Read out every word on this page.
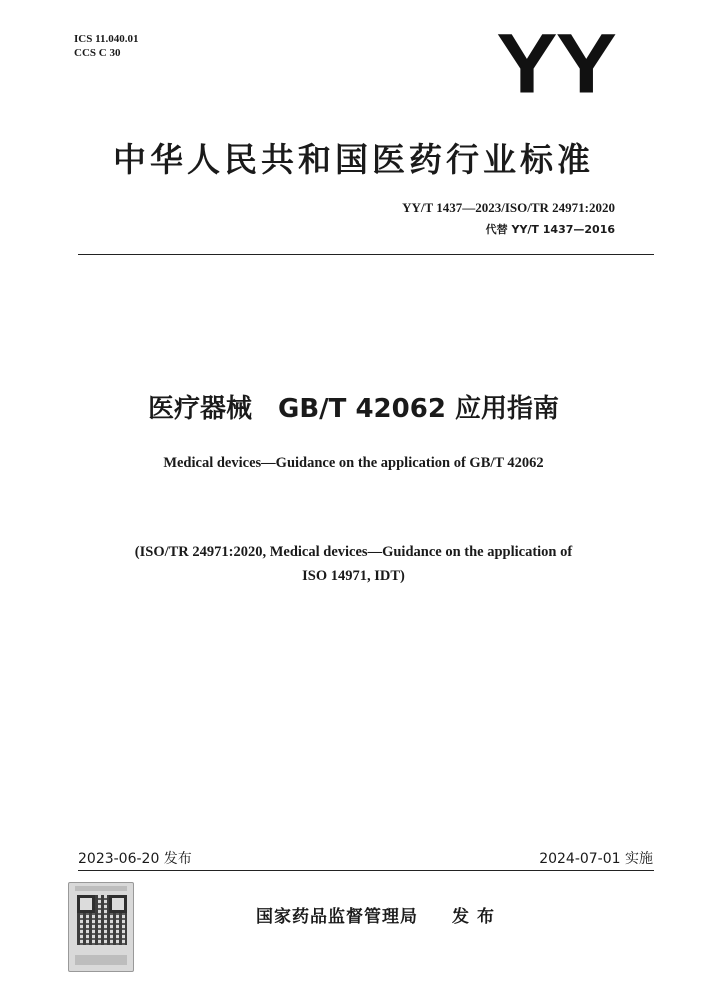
ICS 11.040.01
CCS C 30	YY
中华人民共和国医药行业标准
YY/T 1437—2023/ISO/TR 24971:2020
代替 YY/T 1437—2016
医疗器械　GB/T 42062 应用指南
Medical devices—Guidance on the application of GB/T 42062
(ISO/TR 24971:2020, Medical devices—Guidance on the application of
ISO 14971, IDT)
2023-06-20 发布	2024-07-01 实施
国家药品监督管理局 发布
